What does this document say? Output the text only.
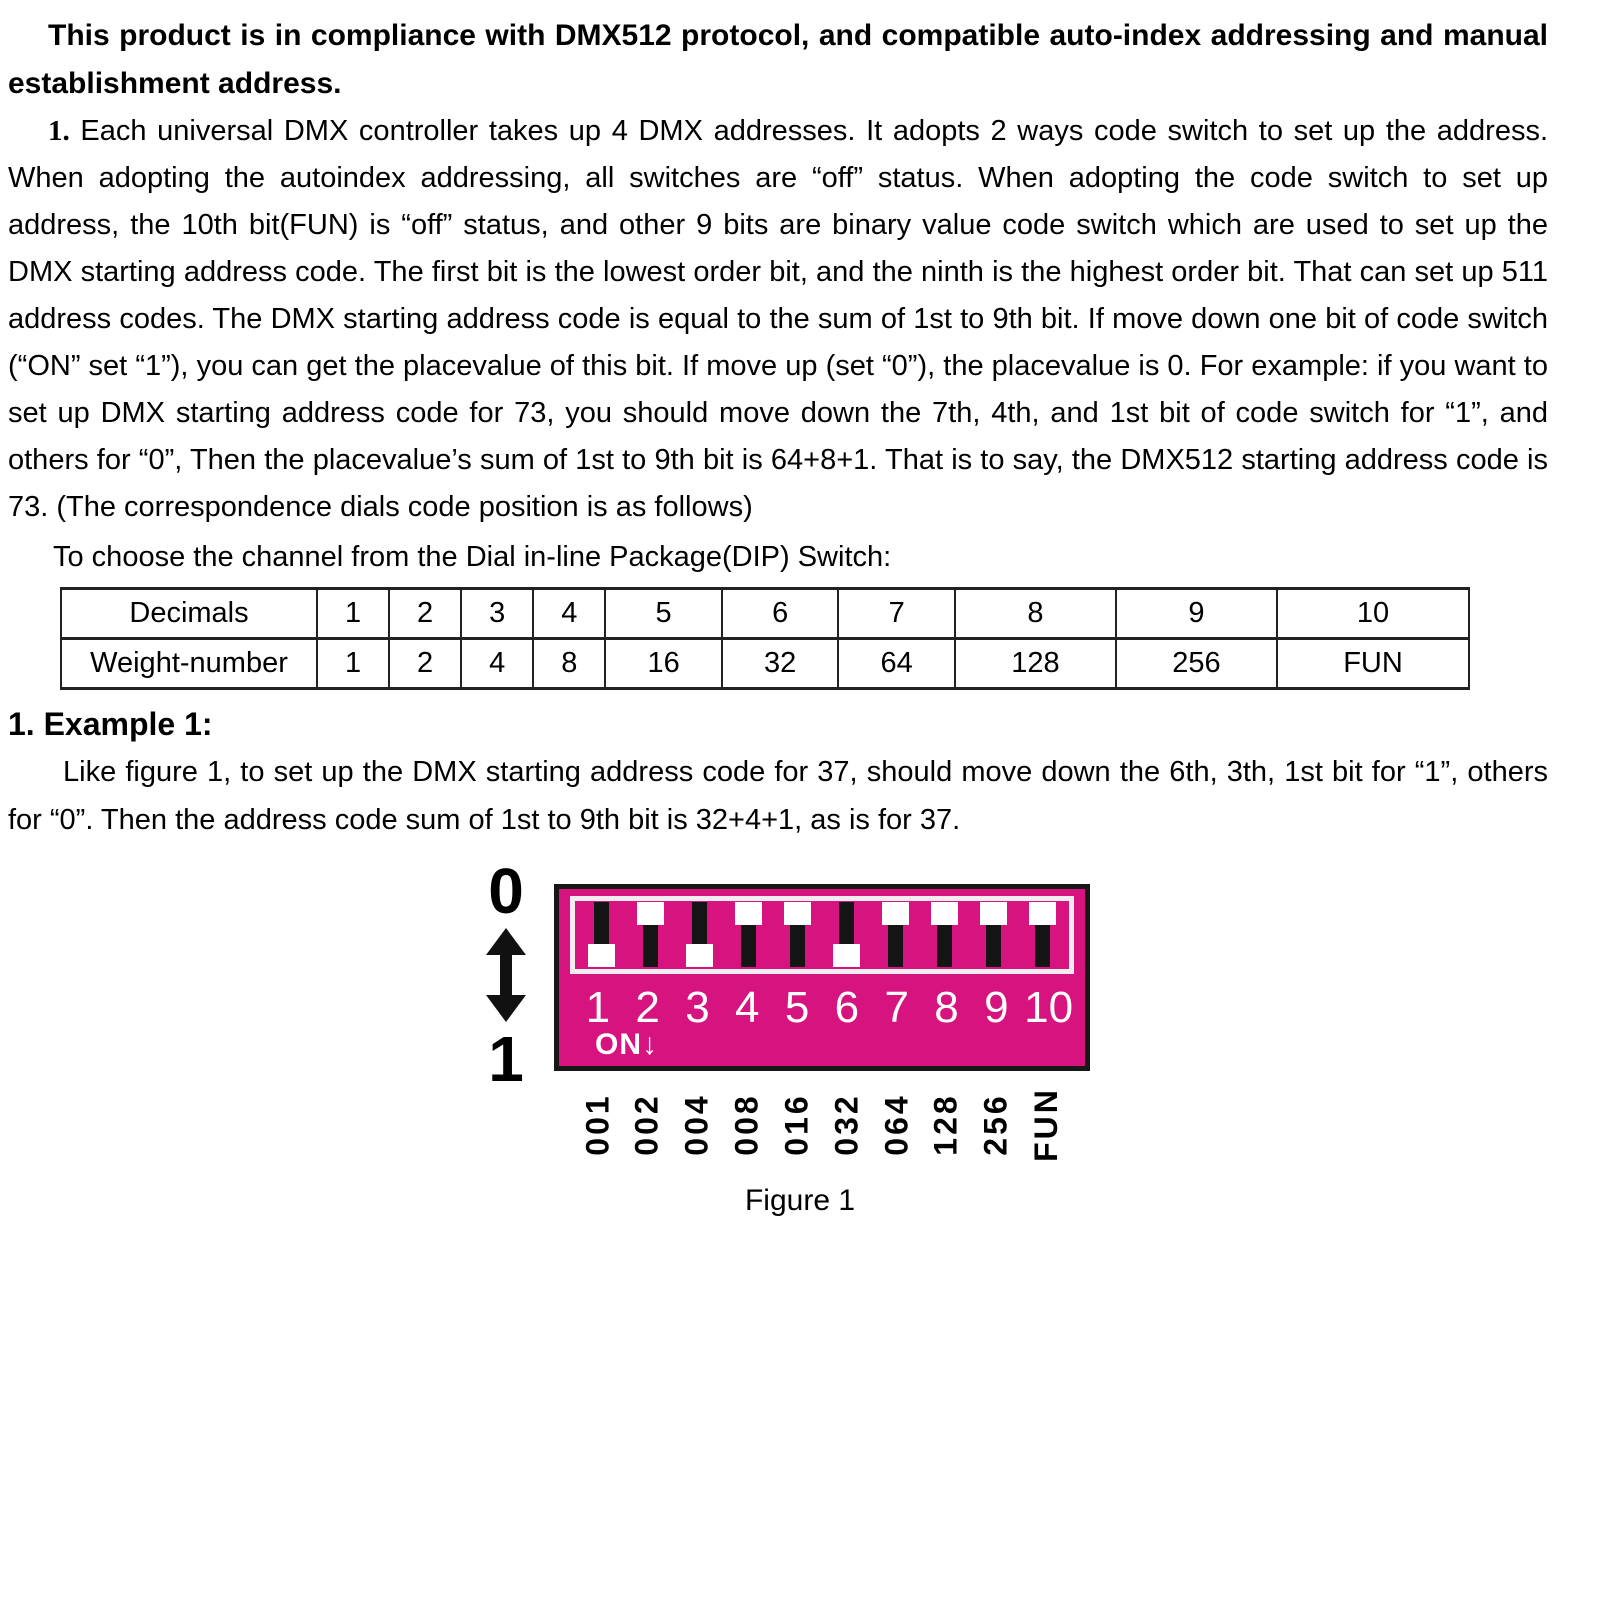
This product is in compliance with DMX512 protocol, and compatible auto-index addressing and manual establishment address.

1. Each universal DMX controller takes up 4 DMX addresses. It adopts 2 ways code switch to set up the address. When adopting the autoindex addressing, all switches are “off” status. When adopting the code switch to set up address, the 10th bit(FUN) is “off” status, and other 9 bits are binary value code switch which are used to set up the DMX starting address code. The first bit is the lowest order bit, and the ninth is the highest order bit. That can set up 511 address codes. The DMX starting address code is equal to the sum of 1st to 9th bit. If move down one bit of code switch (“ON” set “1”), you can get the placevalue of this bit. If move up (set “0”), the placevalue is 0. For example: if you want to set up DMX starting address code for 73, you should move down the 7th, 4th, and 1st bit of code switch for “1”, and others for “0”, Then the placevalue’s sum of 1st to 9th bit is 64+8+1. That is to say, the DMX512 starting address code is 73. (The correspondence dials code position is as follows)

To choose the channel from the Dial in-line Package(DIP) Switch:

Decimals	1	2	3	4	5	6	7	8	9	10
Weight-number	1	2	4	8	16	32	64	128	256	FUN
1. Example 1:

Like figure 1, to set up the DMX starting address code for 37, should move down the 6th, 3th, 1st bit for “1”, others for “0”. Then the address code sum of 1st to 9th bit is 32+4+1, as is for 37.

0
1
1 2 3 4 5 6 7 8 9 10
ON↓
001 002 004 008 016 032 064 128 256 FUN
Figure 1
